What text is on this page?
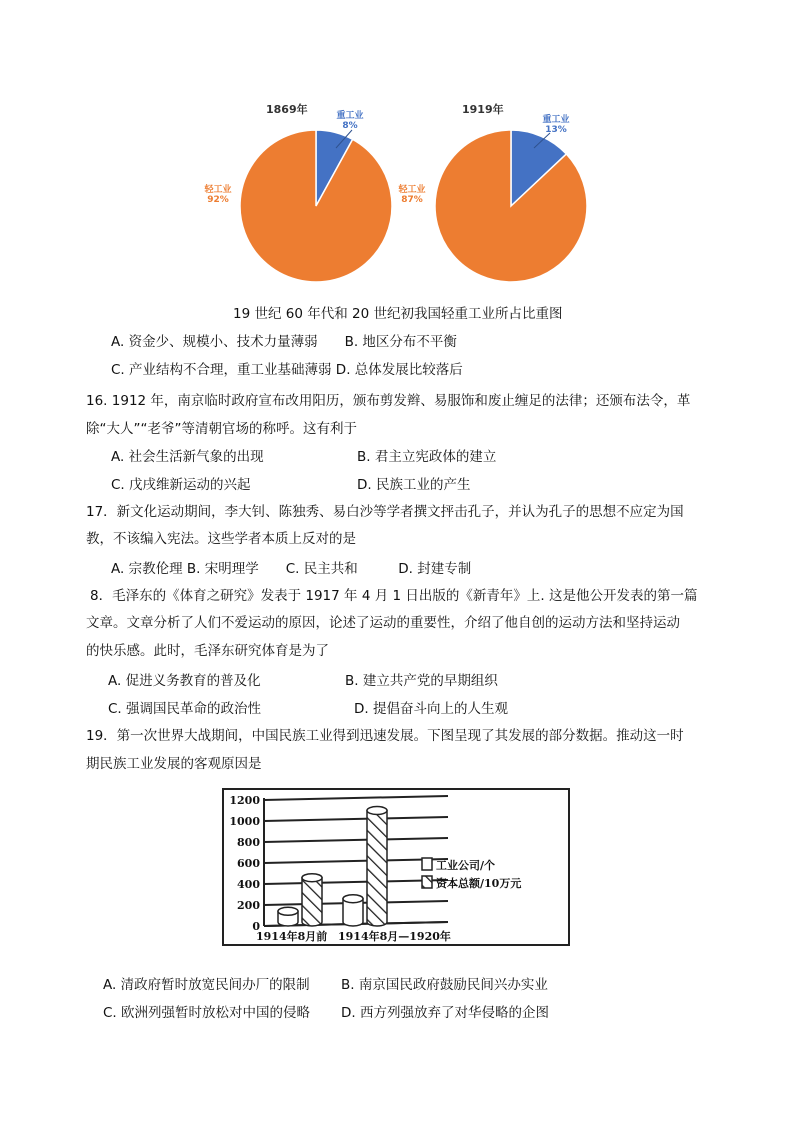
1869年	重工业
8%
轻工业
92%
1919年
重工业
13%
轻工业
87%
19 世纪 60 年代和 20 世纪初我国轻重工业所占比重图
A. 资金少、规模小、技术力量薄弱　　B. 地区分布不平衡
C. 产业结构不合理，重工业基础薄弱 D. 总体发展比较落后
16. 1912 年，南京临时政府宣布改用阳历，颁布剪发辫、易服饰和废止缠足的法律；还颁布法令，革
除“大人”“老爷”等清朝官场的称呼。这有利于
A. 社会生活新气象的出现	B. 君主立宪政体的建立
C. 戊戌维新运动的兴起	D. 民族工业的产生
17．新文化运动期间，李大钊、陈独秀、易白沙等学者撰文抨击孔子，并认为孔子的思想不应定为国
教，不该编入宪法。这些学者本质上反对的是
A. 宗教伦理 B. 宋明理学　　C. 民主共和　　　D. 封建专制
8．毛泽东的《体育之研究》发表于 1917 年 4 月 1 日出版的《新青年》上. 这是他公开发表的第一篇
文章。文章分析了人们不爱运动的原因，论述了运动的重要性，介绍了他自创的运动方法和坚持运动
的快乐感。此时，毛泽东研究体育是为了
A. 促进义务教育的普及化	B. 建立共产党的早期组织
C. 强调国民革命的政治性	D. 提倡奋斗向上的人生观
19．第一次世界大战期间，中国民族工业得到迅速发展。下图呈现了其发展的部分数据。推动这一时
期民族工业发展的客观原因是
0
200
400
600
800
1000
1200
1914年8月前 1914年8月—1920年
工业公司/个
资本总额/10万元
A. 清政府暂时放宽民间办厂的限制 B. 南京国民政府鼓励民间兴办实业
C. 欧洲列强暂时放松对中国的侵略 D. 西方列强放弃了对华侵略的企图
